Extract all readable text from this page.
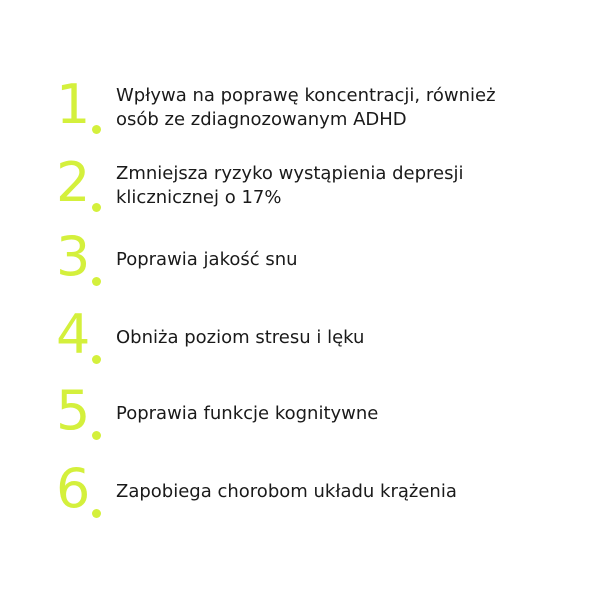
1 Wpływa na poprawę koncentracji, również
osób ze zdiagnozowanym ADHD
2 Zmniejsza ryzyko wystąpienia depresji
klicznicznej o 17%
3 Poprawia jakość snu
4 Obniża poziom stresu i lęku
5 Poprawia funkcje kognitywne
6 Zapobiega chorobom układu krążenia
